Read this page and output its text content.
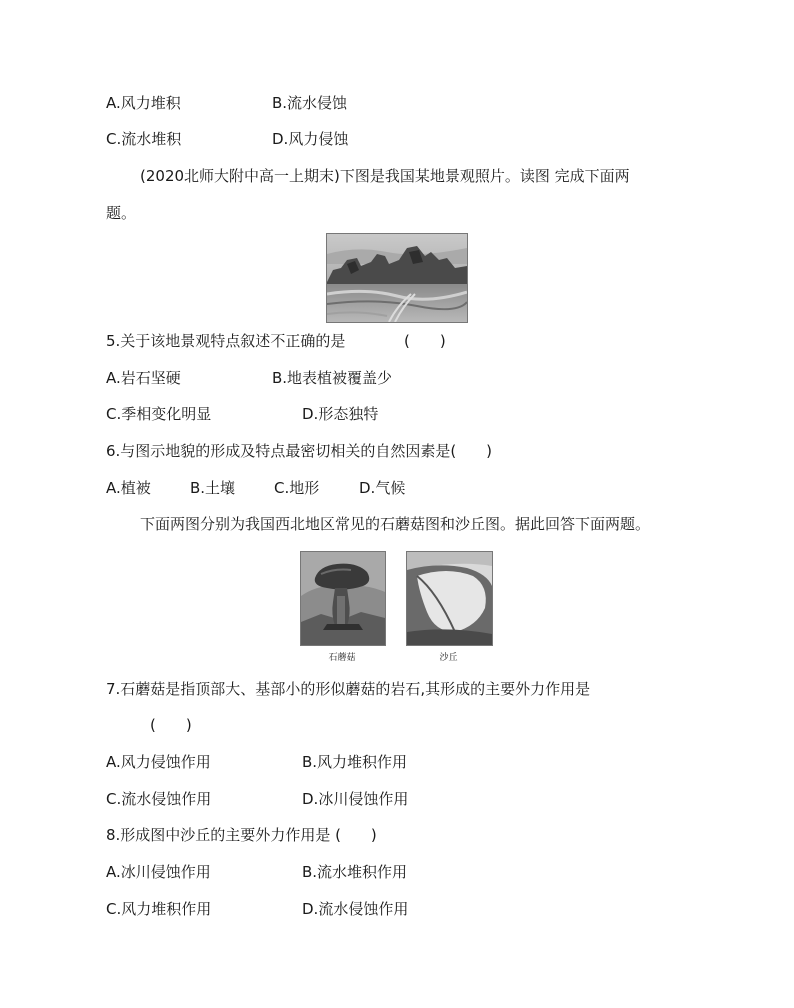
A.风力堆积	B.流水侵蚀
C.流水堆积	D.风力侵蚀
(2020北师大附中高一上期末)下图是我国某地景观照片。读图 完成下面两
题。
5.关于该地景观特点叙述不正确的是	(　　)
A.岩石坚硬	B.地表植被覆盖少
C.季相变化明显	D.形态独特
6.与图示地貌的形成及特点最密切相关的自然因素是(　　)
A.植被	B.土壤	C.地形	D.气候
下面两图分别为我国西北地区常见的石蘑菇图和沙丘图。据此回答下面两题。
石蘑菇	沙丘
7.石蘑菇是指顶部大、基部小的形似蘑菇的岩石,其形成的主要外力作用是
(　　)
A.风力侵蚀作用	B.风力堆积作用
C.流水侵蚀作用	D.冰川侵蚀作用
8.形成图中沙丘的主要外力作用是 (　　)
A.冰川侵蚀作用	B.流水堆积作用
C.风力堆积作用	D.流水侵蚀作用
